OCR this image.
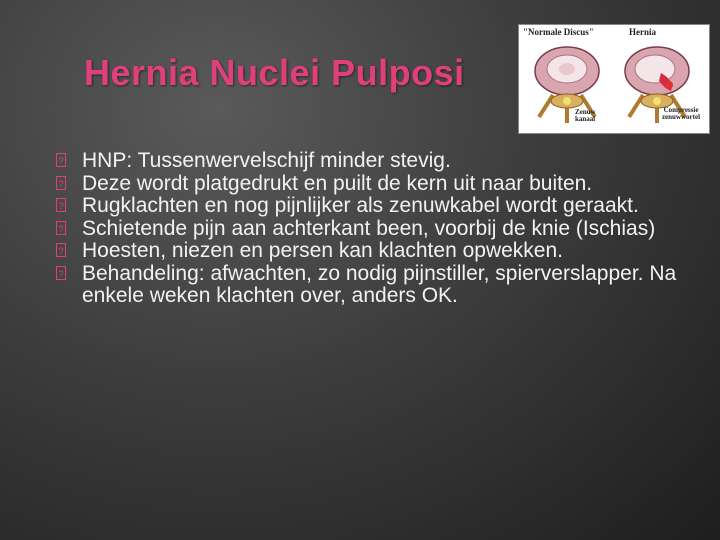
Hernia Nuclei Pulposi
"Normale Discus"	Hernia
Zenuw kanaal
Compressie zenuwwortel
? HNP: Tussenwervelschijf minder stevig.
? Deze wordt platgedrukt en puilt de kern uit naar buiten.
? Rugklachten en nog pijnlijker als zenuwkabel wordt geraakt.
? Schietende pijn aan achterkant been, voorbij de knie (Ischias)
? Hoesten, niezen en persen kan klachten opwekken.
? Behandeling: afwachten, zo nodig pijnstiller, spierverslapper. Na enkele weken klachten over, anders OK.
